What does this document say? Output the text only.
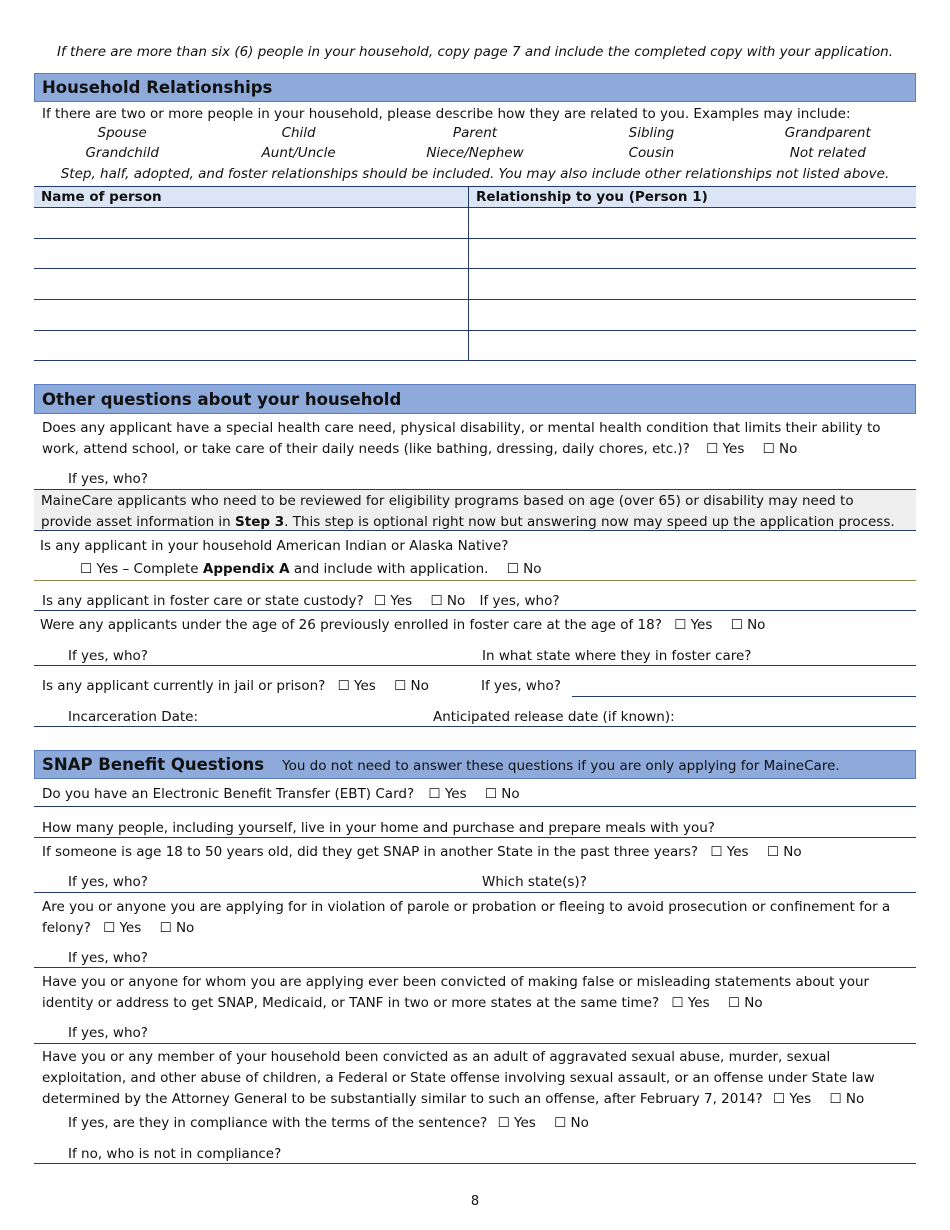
If there are more than six (6) people in your household, copy page 7 and include the completed copy with your application.
Household Relationships
If there are two or more people in your household, please describe how they are related to you. Examples may include:
Spouse	Child	Parent	Sibling	Grandparent
Grandchild	Aunt/Uncle	Niece/Nephew	Cousin	Not related
Step, half, adopted, and foster relationships should be included. You may also include other relationships not listed above.
Name of person	Relationship to you (Person 1)
Other questions about your household
Does any applicant have a special health care need, physical disability, or mental health condition that limits their ability to
work, attend school, or take care of their daily needs (like bathing, dressing, daily chores, etc.)? ☐ Yes ☐ No
If yes, who?
MaineCare applicants who need to be reviewed for eligibility programs based on age (over 65) or disability may need to
provide asset information in Step 3. This step is optional right now but answering now may speed up the application process.
Is any applicant in your household American Indian or Alaska Native?
☐ Yes – Complete Appendix A and include with application. ☐ No
Is any applicant in foster care or state custody? ☐ Yes ☐ No If yes, who?
Were any applicants under the age of 26 previously enrolled in foster care at the age of 18? ☐ Yes ☐ No
If yes, who?	In what state where they in foster care?
Is any applicant currently in jail or prison? ☐ Yes ☐ No	If yes, who?
Incarceration Date:	Anticipated release date (if known):
SNAP Benefit Questions You do not need to answer these questions if you are only applying for MaineCare.
Do you have an Electronic Benefit Transfer (EBT) Card? ☐ Yes ☐ No
How many people, including yourself, live in your home and purchase and prepare meals with you?
If someone is age 18 to 50 years old, did they get SNAP in another State in the past three years? ☐ Yes ☐ No
If yes, who?	Which state(s)?
Are you or anyone you are applying for in violation of parole or probation or fleeing to avoid prosecution or confinement for a
felony? ☐ Yes ☐ No
If yes, who?
Have you or anyone for whom you are applying ever been convicted of making false or misleading statements about your
identity or address to get SNAP, Medicaid, or TANF in two or more states at the same time? ☐ Yes ☐ No
If yes, who?
Have you or any member of your household been convicted as an adult of aggravated sexual abuse, murder, sexual
exploitation, and other abuse of children, a Federal or State offense involving sexual assault, or an offense under State law
determined by the Attorney General to be substantially similar to such an offense, after February 7, 2014? ☐ Yes ☐ No
If yes, are they in compliance with the terms of the sentence? ☐ Yes ☐ No
If no, who is not in compliance?
8
